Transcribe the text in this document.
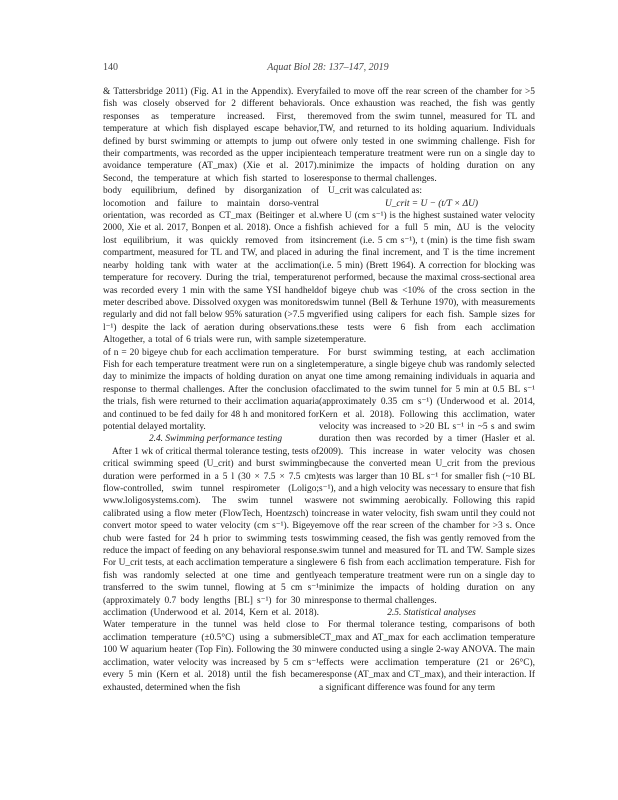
140	Aquat Biol 28: 137–147, 2019

& Tattersbridge 2011) (Fig. A1 in the Appendix). Every fish was closely observed for 2 different behavioral responses as temperature increased. First, the temperature at which fish displayed escape behavior, defined by burst swimming or attempts to jump out of their compartments, was recorded as the upper incipient avoidance temperature (AT_max) (Xie et al. 2017). Second, the temperature at which fish started to lose body equilibrium, defined by disorganization of locomotion and failure to maintain dorso-ventral orientation, was recorded as CT_max (Beitinger et al. 2000, Xie et al. 2017, Bonpen et al. 2018). Once a fish lost equilibrium, it was quickly removed from its compartment, measured for TL and TW, and placed in a nearby holding tank with water at the acclimation temperature for recovery. During the trial, temperature was recorded every 1 min with the same YSI handheld meter described above. Dissolved oxygen was monitored regularly and did not fall below 95% saturation (>7.5 mg l⁻¹) despite the lack of aeration during observations. Altogether, a total of 6 trials were run, with sample size of n = 20 bigeye chub for each acclimation temperature. Fish for each temperature treatment were run on a single day to minimize the impacts of holding duration on any response to thermal challenges. After the conclusion of the trials, fish were returned to their acclimation aquaria and continued to be fed daily for 48 h and monitored for potential delayed mortality.

2.4. Swimming performance testing

After 1 wk of critical thermal tolerance testing, tests of critical swimming speed (U_crit) and burst swimming duration were performed in a 5 l (30 × 7.5 × 7.5 cm) flow-controlled, swim tunnel respirometer (Loligo; www.loligosystems.com). The swim tunnel was calibrated using a flow meter (FlowTech, Hoentzsch) to convert motor speed to water velocity (cm s⁻¹). Bigeye chub were fasted for 24 h prior to swimming tests to reduce the impact of feeding on any behavioral response. For U_crit tests, at each acclimation temperature a single fish was randomly selected at one time and gently transferred to the swim tunnel, flowing at 5 cm s⁻¹ (approximately 0.7 body lengths [BL] s⁻¹) for 30 min acclimation (Underwood et al. 2014, Kern et al. 2018). Water temperature in the tunnel was held close to acclimation temperature (±0.5°C) using a submersible 100 W aquarium heater (Top Fin). Following the 30 min acclimation, water velocity was increased by 5 cm s⁻¹ every 5 min (Kern et al. 2018) until the fish became exhausted, determined when the fish

failed to move off the rear screen of the chamber for >5 s. Once exhaustion was reached, the fish was gently removed from the swim tunnel, measured for TL and TW, and returned to its holding aquarium. Individuals were only tested in one swimming challenge. Fish for each temperature treatment were run on a single day to minimize the impacts of holding duration on any response to thermal challenges.

U_crit was calculated as:

U_crit = U − (t/T × ΔU)

where U (cm s⁻¹) is the highest sustained water velocity fish achieved for a full 5 min, ΔU is the velocity increment (i.e. 5 cm s⁻¹), t (min) is the time fish swam during the final increment, and T is the time increment (i.e. 5 min) (Brett 1964). A correction for blocking was not performed, because the maximal cross-sectional area of bigeye chub was <10% of the cross section in the swim tunnel (Bell & Terhune 1970), with measurements verified using calipers for each fish. Sample sizes for these tests were 6 fish from each acclimation temperature.

For burst swimming testing, at each acclimation temperature, a single bigeye chub was randomly selected at one time among remaining individuals in aquaria and acclimated to the swim tunnel for 5 min at 0.5 BL s⁻¹ (approximately 0.35 cm s⁻¹) (Underwood et al. 2014, Kern et al. 2018). Following this acclimation, water velocity was increased to >20 BL s⁻¹ in ~5 s and swim duration then was recorded by a timer (Hasler et al. 2009). This increase in water velocity was chosen because the converted mean U_crit from the previous tests was larger than 10 BL s⁻¹ for smaller fish (~10 BL s⁻¹), and a high velocity was necessary to ensure that fish were not swimming aerobically. Following this rapid increase in water velocity, fish swam until they could not move off the rear screen of the chamber for >3 s. Once swimming ceased, the fish was gently removed from the swim tunnel and measured for TL and TW. Sample sizes were 6 fish from each acclimation temperature. Fish for each temperature treatment were run on a single day to minimize the impacts of holding duration on any response to thermal challenges.

2.5. Statistical analyses

For thermal tolerance testing, comparisons of both CT_max and AT_max for each acclimation temperature were conducted using a single 2-way ANOVA. The main effects were acclimation temperature (21 or 26°C), response (AT_max and CT_max), and their interaction. If a significant difference was found for any term
